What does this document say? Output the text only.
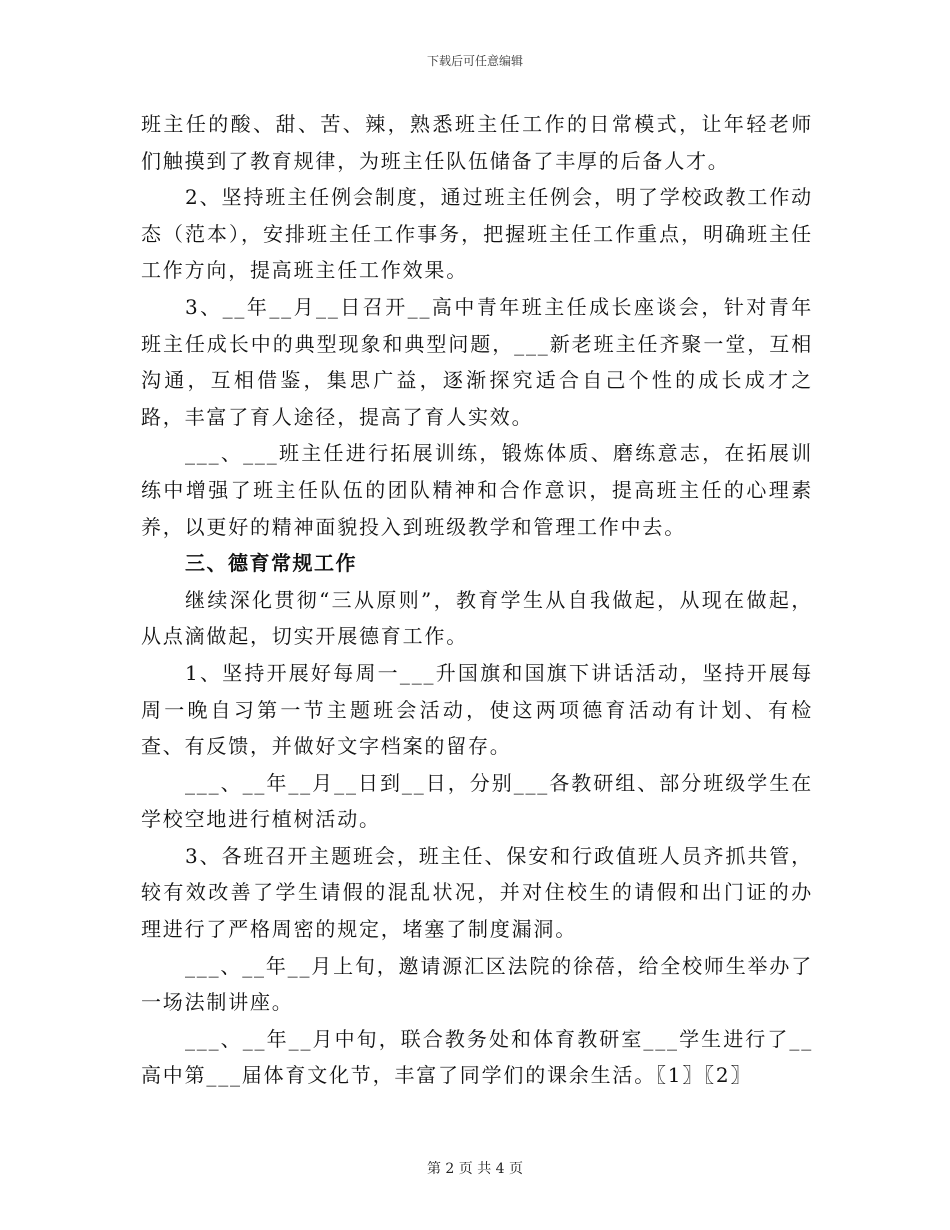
下载后可任意编辑

班主任的酸、甜、苦、辣，熟悉班主任工作的日常模式，让年轻老师们触摸到了教育规律，为班主任队伍储备了丰厚的后备人才。

2、坚持班主任例会制度，通过班主任例会，明了学校政教工作动态（范本），安排班主任工作事务，把握班主任工作重点，明确班主任工作方向，提高班主任工作效果。

3、__年__月__日召开__高中青年班主任成长座谈会，针对青年班主任成长中的典型现象和典型问题，___新老班主任齐聚一堂，互相沟通，互相借鉴，集思广益，逐渐探究适合自己个性的成长成才之路，丰富了育人途径，提高了育人实效。

___、___班主任进行拓展训练，锻炼体质、磨练意志，在拓展训练中增强了班主任队伍的团队精神和合作意识，提高班主任的心理素养，以更好的精神面貌投入到班级教学和管理工作中去。

三、德育常规工作

继续深化贯彻“三从原则”，教育学生从自我做起，从现在做起，从点滴做起，切实开展德育工作。

1、坚持开展好每周一___升国旗和国旗下讲话活动，坚持开展每周一晚自习第一节主题班会活动，使这两项德育活动有计划、有检查、有反馈，并做好文字档案的留存。

___、__年__月__日到__日，分别___各教研组、部分班级学生在学校空地进行植树活动。

3、各班召开主题班会，班主任、保安和行政值班人员齐抓共管，较有效改善了学生请假的混乱状况，并对住校生的请假和出门证的办理进行了严格周密的规定，堵塞了制度漏洞。

___、__年__月上旬，邀请源汇区法院的徐蓓，给全校师生举办了一场法制讲座。

___、__年__月中旬，联合教务处和体育教研室___学生进行了__高中第___届体育文化节，丰富了同学们的课余生活。〖1〗〖2〗

第 2 页 共 4 页
